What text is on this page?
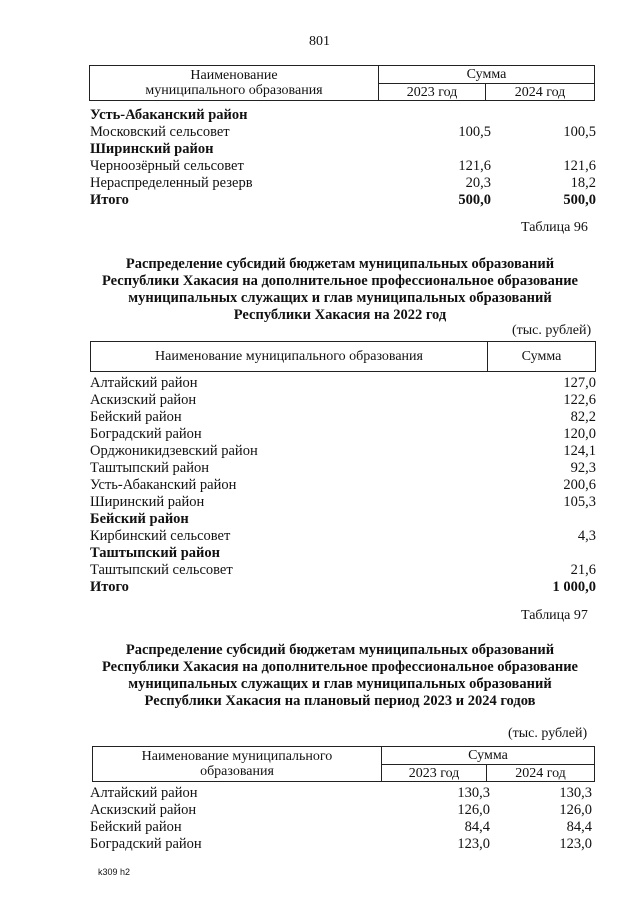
801
Наименование
муниципального образования	Сумма	
	2023 год	2024 год
Усть-Абаканский район
Московский сельсовет	100,5	100,5
Ширинский район
Черноозёрный сельсовет	121,6	121,6
Нераспределенный резерв	20,3	18,2
Итого	500,0	500,0
Таблица 96
Распределение субсидий бюджетам муниципальных образований
Республики Хакасия на дополнительное профессиональное образование
муниципальных служащих и глав муниципальных образований
Республики Хакасия на 2022 год
(тыс. рублей)
Наименование муниципального образования	Сумма
Алтайский район	127,0
Аскизский район	122,6
Бейский район	82,2
Боградский район	120,0
Орджоникидзевский район	124,1
Таштыпский район	92,3
Усть-Абаканский район	200,6
Ширинский район	105,3
Бейский район
Кирбинский сельсовет	4,3
Таштыпский район
Таштыпский сельсовет	21,6
Итого	1 000,0
Таблица 97
Распределение субсидий бюджетам муниципальных образований
Республики Хакасия на дополнительное профессиональное образование
муниципальных служащих и глав муниципальных образований
Республики Хакасия на плановый период 2023 и 2024 годов
(тыс. рублей)
Наименование муниципального
образования	Сумма	
	2023 год	2024 год
Алтайский район	130,3	130,3
Аскизский район	126,0	126,0
Бейский район	84,4	84,4
Боградский район	123,0	123,0
k309 h2
